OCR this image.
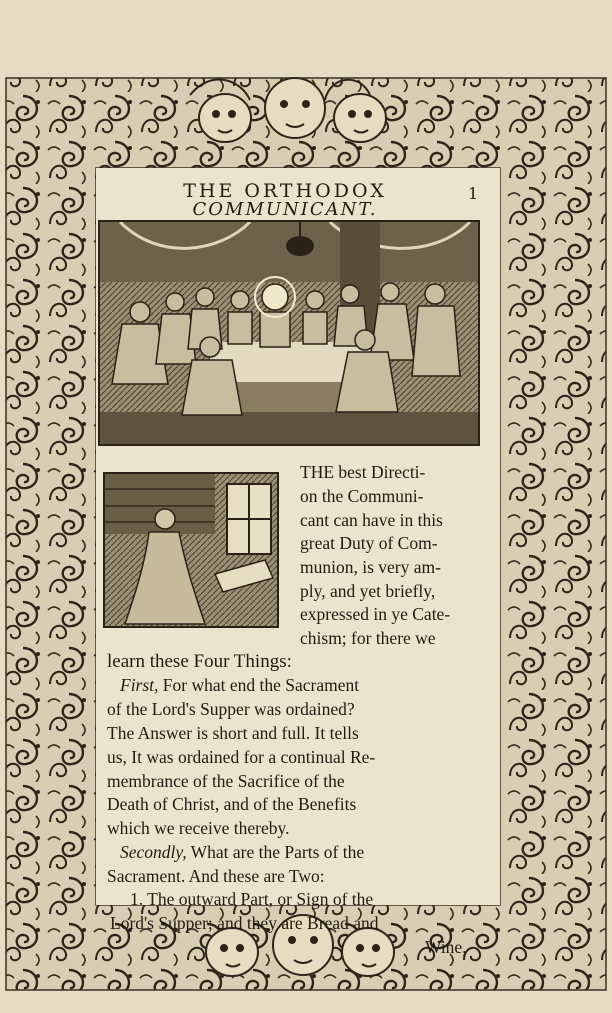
THE ORTHODOX
COMMUNICANT.
1

THE best Directi-

on the Communi-

cant can have in this

great Duty of Com-

munion, is very am-

ply, and yet briefly,

expressed in ye Cate-

chism; for there we

learn these Four Things:

First, For what end the Sacrament

of the Lord's Supper was ordained?

The Answer is short and full. It tells

us, It was ordained for a continual Re-

membrance of the Sacrifice of the

Death of Christ, and of the Benefits

which we receive thereby.

Secondly, What are the Parts of the

Sacrament. And these are Two:

1. The outward Part, or Sign of the

Lord's Supper; and they are Bread and

Wine,
